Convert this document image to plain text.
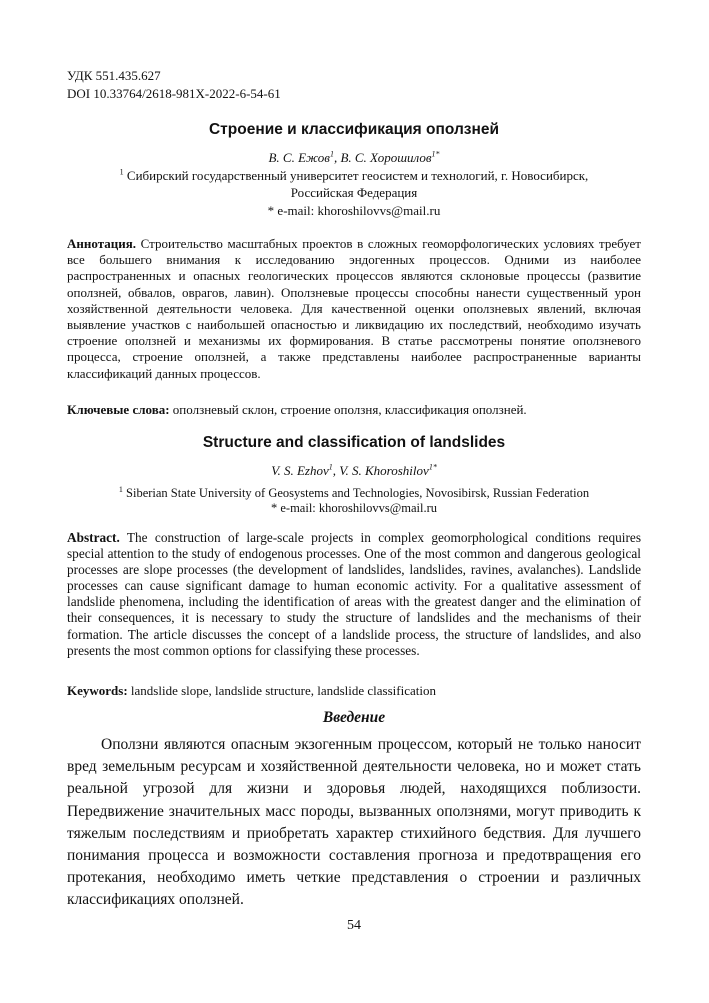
УДК 551.435.627
DOI 10.33764/2618-981X-2022-6-54-61
Строение и классификация оползней
В. С. Ежов$^1$, В. С. Хорошилов$^{1*}$
$^1$ Сибирский государственный университет геосистем и технологий, г. Новосибирск, Российская Федерация
* e-mail: khoroshilovvs@mail.ru
Аннотация. Строительство масштабных проектов в сложных геоморфологических условиях требует все большего внимания к исследованию эндогенных процессов. Одними из наиболее распространенных и опасных геологических процессов являются склоновые процессы (развитие оползней, обвалов, оврагов, лавин). Оползневые процессы способны нанести существенный урон хозяйственной деятельности человека. Для качественной оценки оползневых явлений, включая выявление участков с наибольшей опасностью и ликвидацию их последствий, необходимо изучать строение оползней и механизмы их формирования. В статье рассмотрены понятие оползневого процесса, строение оползней, а также представлены наиболее распространенные варианты классификаций данных процессов.
Ключевые слова: оползневый склон, строение оползня, классификация оползней.
Structure and classification of landslides
V. S. Ezhov$^1$, V. S. Khoroshilov$^{1*}$
$^1$ Siberian State University of Geosystems and Technologies, Novosibirsk, Russian Federation
* e-mail: khoroshilovvs@mail.ru
Abstract. The construction of large-scale projects in complex geomorphological conditions requires special attention to the study of endogenous processes. One of the most common and dangerous geological processes are slope processes (the development of landslides, landslides, ravines, avalanches). Landslide processes can cause significant damage to human economic activity. For a qualitative assessment of landslide phenomena, including the identification of areas with the greatest danger and the elimination of their consequences, it is necessary to study the structure of landslides and the mechanisms of their formation. The article discusses the concept of a landslide process, the structure of landslides, and also presents the most common options for classifying these processes.
Keywords: landslide slope, landslide structure, landslide classification
Введение
Оползни являются опасным экзогенным процессом, который не только наносит вред земельным ресурсам и хозяйственной деятельности человека, но и может стать реальной угрозой для жизни и здоровья людей, находящихся поблизости. Передвижение значительных масс породы, вызванных оползнями, могут приводить к тяжелым последствиям и приобретать характер стихийного бедствия. Для лучшего понимания процесса и возможности составления прогноза и предотвращения его протекания, необходимо иметь четкие представления о строении и различных классификациях оползней.
54
